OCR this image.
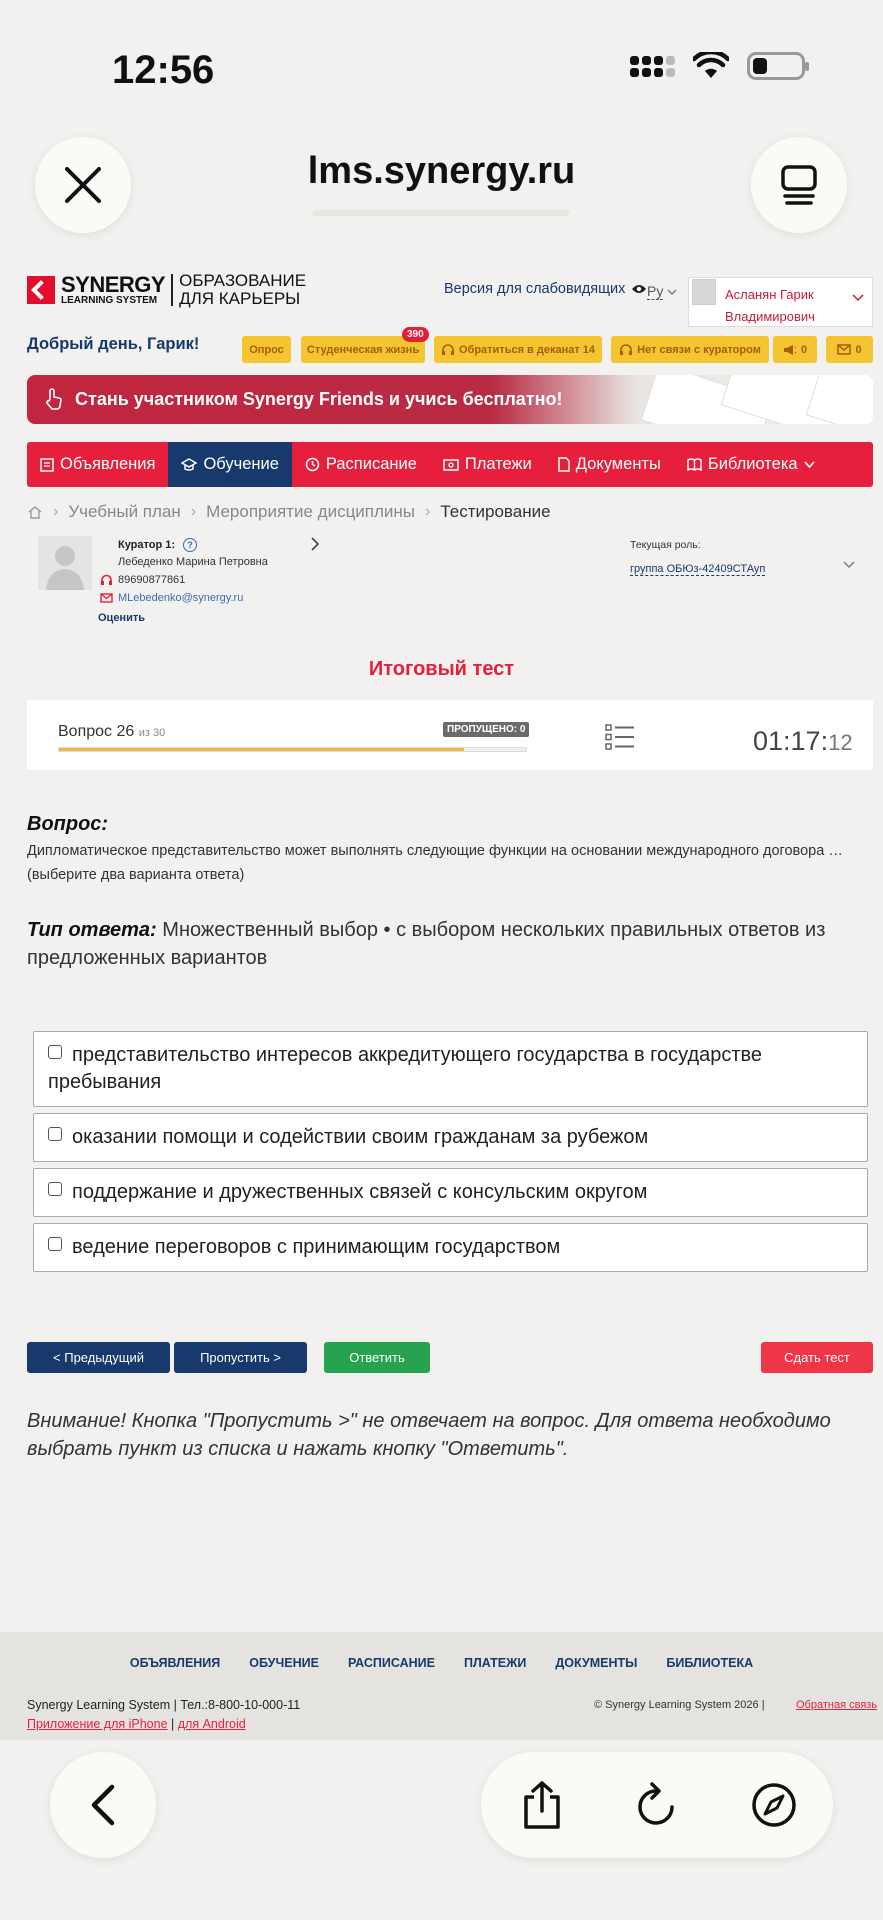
12:56
lms.synergy.ru
SYNERGY
LEARNING SYSTEM
ОБРАЗОВАНИЕ
ДЛЯ КАРЬЕРЫ	Версия для слабовидящих Ру	Асланян Гарик
Владимирович
Добрый день, Гарик!	Опрос Студенческая жизнь
390
Обратиться в деканат 14	Нет связи с куратором	0	0
Стань участником Synergy Friends и учись бесплатно!
Объявления	Обучение	Расписание	Платежи	Документы	Библиотека
› Учебный план › Мероприятие дисциплины › Тестирование
Куратор 1:	?
Лебеденко Марина Петровна
89690877861
MLebedenko@synergy.ru
Оценить
Текущая роль:
группа ОБЮз-42409СТАуп
Итоговый тест
Вопрос 26 из 30	ПРОПУЩЕНО: 0	01:17:12
Вопрос:
Дипломатическое представительство может выполнять следующие функции на основании международного договора … (выберите два варианта ответа)
Тип ответа: Множественный выбор • с выбором нескольких правильных ответов из предложенных вариантов
представительство интересов аккредитующего государства в государстве пребывания
оказании помощи и содействии своим гражданам за рубежом
поддержание и дружественных связей с консульским округом
ведение переговоров с принимающим государством
< Предыдущий	Пропустить >	Ответить	Сдать тест
Внимание! Кнопка "Пропустить >" не отвечает на вопрос. Для ответа необходимо выбрать пункт из списка и нажать кнопку "Ответить".
ОБЪЯВЛЕНИЯ ОБУЧЕНИЕ РАСПИСАНИЕ ПЛАТЕЖИ ДОКУМЕНТЫ БИБЛИОТЕКА
Synergy Learning System | Тел.:8-800-10-000-11
Приложение для iPhone | для Android
© Synergy Learning System 2026 |	Обратная связь
